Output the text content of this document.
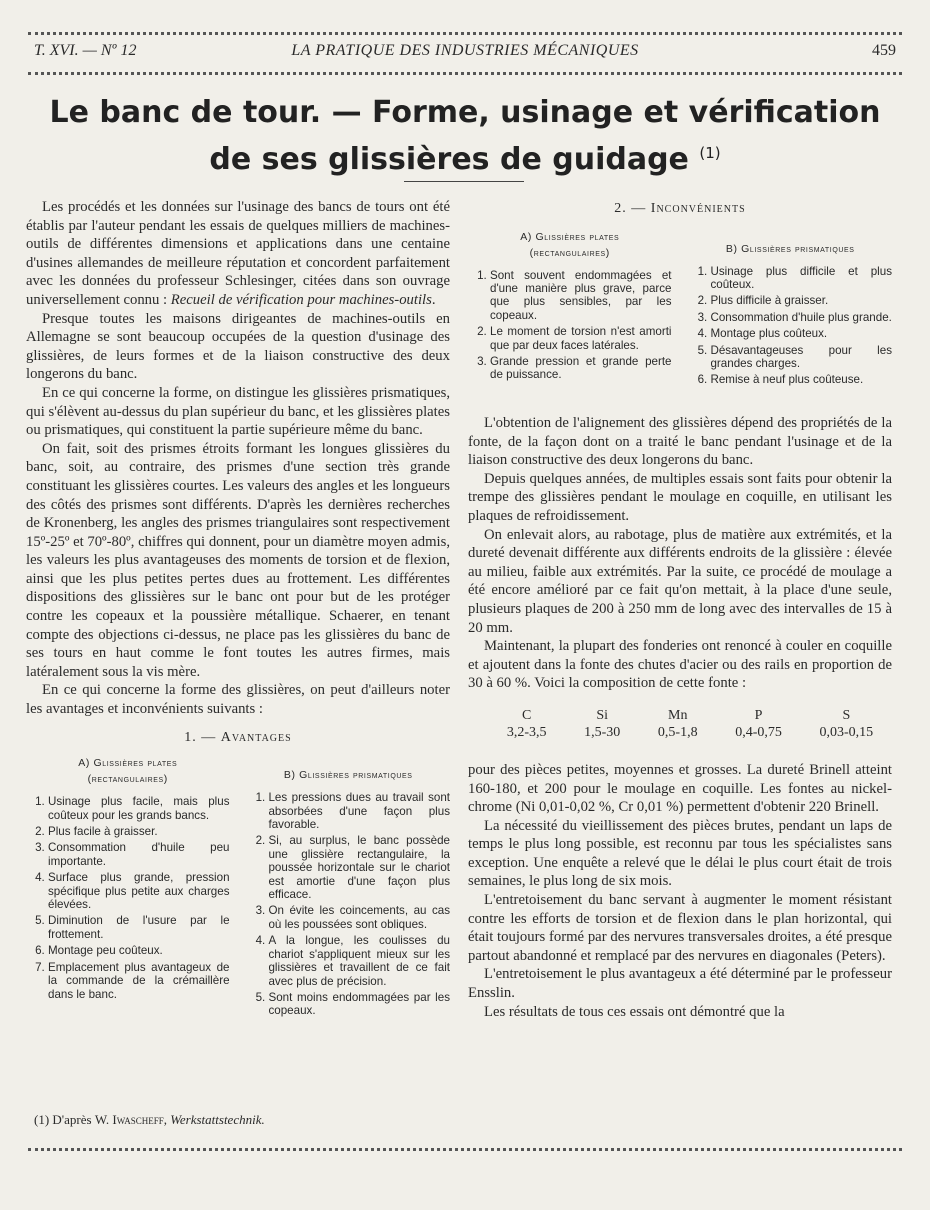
T. XVI. — Nº 12	LA PRATIQUE DES INDUSTRIES MÉCANIQUES	459
Le banc de tour. — Forme, usinage et vérification
de ses glissières de guidage $^{(1)}$

Les procédés et les données sur l'usinage des bancs de tours ont été établis par l'auteur pendant les essais de quelques milliers de machines-outils de différentes dimensions et applications dans une centaine d'usines allemandes de meilleure réputation et concordent parfaitement avec les données du professeur Schlesinger, citées dans son ouvrage universellement connu : Recueil de vérification pour machines-outils.

Presque toutes les maisons dirigeantes de machines-outils en Allemagne se sont beaucoup occupées de la question d'usinage des glissières, de leurs formes et de la liaison constructive des deux longerons du banc.

En ce qui concerne la forme, on distingue les glissières prismatiques, qui s'élèvent au-dessus du plan supérieur du banc, et les glissières plates ou prismatiques, qui constituent la partie supérieure même du banc.

On fait, soit des prismes étroits formant les longues glissières du banc, soit, au contraire, des prismes d'une section très grande constituant les glissières courtes. Les valeurs des angles et les longueurs des côtés des prismes sont différents. D'après les dernières recherches de Kronenberg, les angles des prismes triangulaires sont respectivement 15º-25º et 70º-80º, chiffres qui donnent, pour un diamètre moyen admis, les valeurs les plus avantageuses des moments de torsion et de flexion, ainsi que les plus petites pertes dues au frottement. Les différentes dispositions des glissières sur le banc ont pour but de les protéger contre les copeaux et la poussière métallique. Schaerer, en tenant compte des objections ci-dessus, ne place pas les glissières du banc de ses tours en haut comme le font toutes les autres firmes, mais latéralement sous la vis mère.

En ce qui concerne la forme des glissières, on peut d'ailleurs noter les avantages et inconvénients suivants :

1. — Avantages
A) Glissières plates
(rectangulaires)
1. Usinage plus facile, mais plus coûteux pour les grands bancs.
2. Plus facile à graisser.
3. Consommation d'huile peu importante.
4. Surface plus grande, pression spécifique plus petite aux charges élevées.
5. Diminution de l'usure par le frottement.
6. Montage peu coûteux.
7. Emplacement plus avantageux de la commande de la crémaillère dans le banc.
B) Glissières prismatiques
1. Les pressions dues au travail sont absorbées d'une façon plus favorable.
2. Si, au surplus, le banc possède une glissière rectangulaire, la poussée horizontale sur le chariot est amortie d'une façon plus efficace.
3. On évite les coincements, au cas où les poussées sont obliques.
4. A la longue, les coulisses du chariot s'appliquent mieux sur les glissières et travaillent de ce fait avec plus de précision.
5. Sont moins endommagées par les copeaux.
2. — Inconvénients
A) Glissières plates
(rectangulaires)
1. Sont souvent endommagées et d'une manière plus grave, parce que plus sensibles, par les copeaux.
2. Le moment de torsion n'est amorti que par deux faces latérales.
3. Grande pression et grande perte de puissance.
B) Glissières prismatiques
1. Usinage plus difficile et plus coûteux.
2. Plus difficile à graisser.
3. Consommation d'huile plus grande.
4. Montage plus coûteux.
5. Désavantageuses pour les grandes charges.
6. Remise à neuf plus coûteuse.

L'obtention de l'alignement des glissières dépend des propriétés de la fonte, de la façon dont on a traité le banc pendant l'usinage et de la liaison constructive des deux longerons du banc.

Depuis quelques années, de multiples essais sont faits pour obtenir la trempe des glissières pendant le moulage en coquille, en utilisant les plaques de refroidissement.

On enlevait alors, au rabotage, plus de matière aux extrémités, et la dureté devenait différente aux différents endroits de la glissière : élevée au milieu, faible aux extrémités. Par la suite, ce procédé de moulage a été encore amélioré par ce fait qu'on mettait, à la place d'une seule, plusieurs plaques de 200 à 250 mm de long avec des intervalles de 15 à 20 mm.

Maintenant, la plupart des fonderies ont renoncé à couler en coquille et ajoutent dans la fonte des chutes d'acier ou des rails en proportion de 30 à 60 %. Voici la composition de cette fonte :

C
3,2-3,5
Si
1,5-30
Mn
0,5-1,8
P
0,4-0,75
S
0,03-0,15

pour des pièces petites, moyennes et grosses. La dureté Brinell atteint 160-180, et 200 pour le moulage en coquille. Les fontes au nickel-chrome (Ni 0,01-0,02 %, Cr 0,01 %) permettent d'obtenir 220 Brinell.

La nécessité du vieillissement des pièces brutes, pendant un laps de temps le plus long possible, est reconnu par tous les spécialistes sans exception. Une enquête a relevé que le délai le plus court était de trois semaines, le plus long de six mois.

L'entretoisement du banc servant à augmenter le moment résistant contre les efforts de torsion et de flexion dans le plan horizontal, qui était toujours formé par des nervures transversales droites, a été presque partout abandonné et remplacé par des nervures en diagonales (Peters).

L'entretoisement le plus avantageux a été déterminé par le professeur Ensslin.

Les résultats de tous ces essais ont démontré que la

(1) D'après W. Iwascheff, Werkstattstechnik.
